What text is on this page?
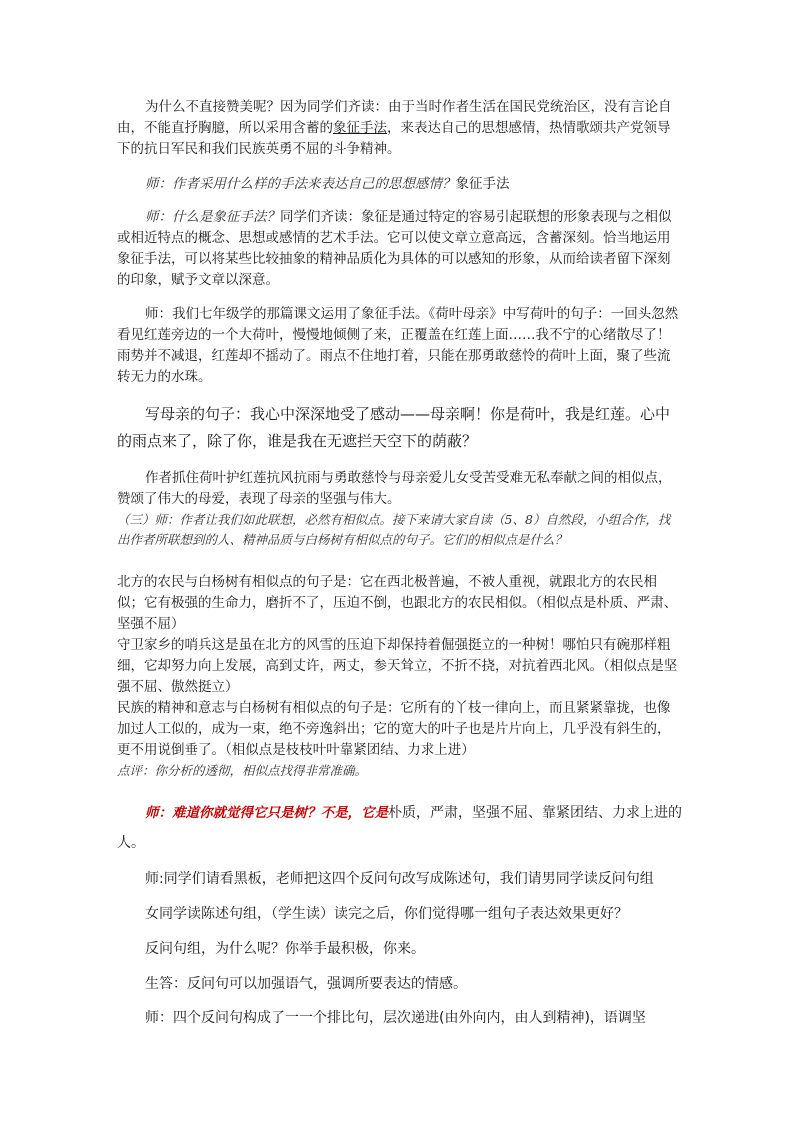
为什么不直接赞美呢？因为同学们齐读：由于当时作者生活在国民党统治区，没有言论自由，不能直抒胸臆，所以采用含蓄的象征手法，来表达自己的思想感情，热情歌颂共产党领导下的抗日军民和我们民族英勇不屈的斗争精神。

师：作者采用什么样的手法来表达自己的思想感情？象征手法

师：什么是象征手法？同学们齐读：象征是通过特定的容易引起联想的形象表现与之相似或相近特点的概念、思想或感情的艺术手法。它可以使文章立意高远，含蓄深刻。恰当地运用象征手法，可以将某些比较抽象的精神品质化为具体的可以感知的形象，从而给读者留下深刻的印象，赋予文章以深意。

师：我们七年级学的那篇课文运用了象征手法。《荷叶母亲》中写荷叶的句子：一回头忽然看见红莲旁边的一个大荷叶，慢慢地倾侧了来，正覆盖在红莲上面……我不宁的心绪散尽了！雨势并不减退，红莲却不摇动了。雨点不住地打着，只能在那勇敢慈怜的荷叶上面，聚了些流转无力的水珠。

写母亲的句子：我心中深深地受了感动——母亲啊！你是荷叶，我是红莲。心中的雨点来了，除了你，谁是我在无遮拦天空下的荫蔽？

作者抓住荷叶护红莲抗风抗雨与勇敢慈怜与母亲爱儿女受苦受难无私奉献之间的相似点，赞颂了伟大的母爱，表现了母亲的坚强与伟大。

（三）师：作者让我们如此联想，必然有相似点。接下来请大家自读（5、8）自然段，小组合作，找出作者所联想到的人、精神品质与白杨树有相似点的句子。它们的相似点是什么？

北方的农民与白杨树有相似点的句子是：它在西北极普遍，不被人重视，就跟北方的农民相似；它有极强的生命力，磨折不了，压迫不倒，也跟北方的农民相似。（相似点是朴质、严肃、坚强不屈）

守卫家乡的哨兵这是虽在北方的风雪的压迫下却保持着倔强挺立的一种树！哪怕只有碗那样粗细，它却努力向上发展，高到丈许，两丈，参天耸立，不折不挠，对抗着西北风。（相似点是坚强不屈、傲然挺立）

民族的精神和意志与白杨树有相似点的句子是：它所有的丫枝一律向上，而且紧紧靠拢，也像加过人工似的，成为一束，绝不旁逸斜出；它的宽大的叶子也是片片向上，几乎没有斜生的，更不用说倒垂了。（相似点是枝枝叶叶靠紧团结、力求上进）

点评：你分析的透彻，相似点找得非常准确。

师：难道你就觉得它只是树？不是，它是朴质，严肃，坚强不屈、靠紧团结、力求上进的人。

师:同学们请看黑板，老师把这四个反问句改写成陈述句，我们请男同学读反问句组

女同学读陈述句组，（学生读）读完之后，你们觉得哪一组句子表达效果更好？

反问句组，为什么呢？你举手最积极，你来。

生答：反问句可以加强语气，强调所要表达的情感。

师：四个反问句构成了一一个排比句，层次递进(由外向内，由人到精神)，语调坚
